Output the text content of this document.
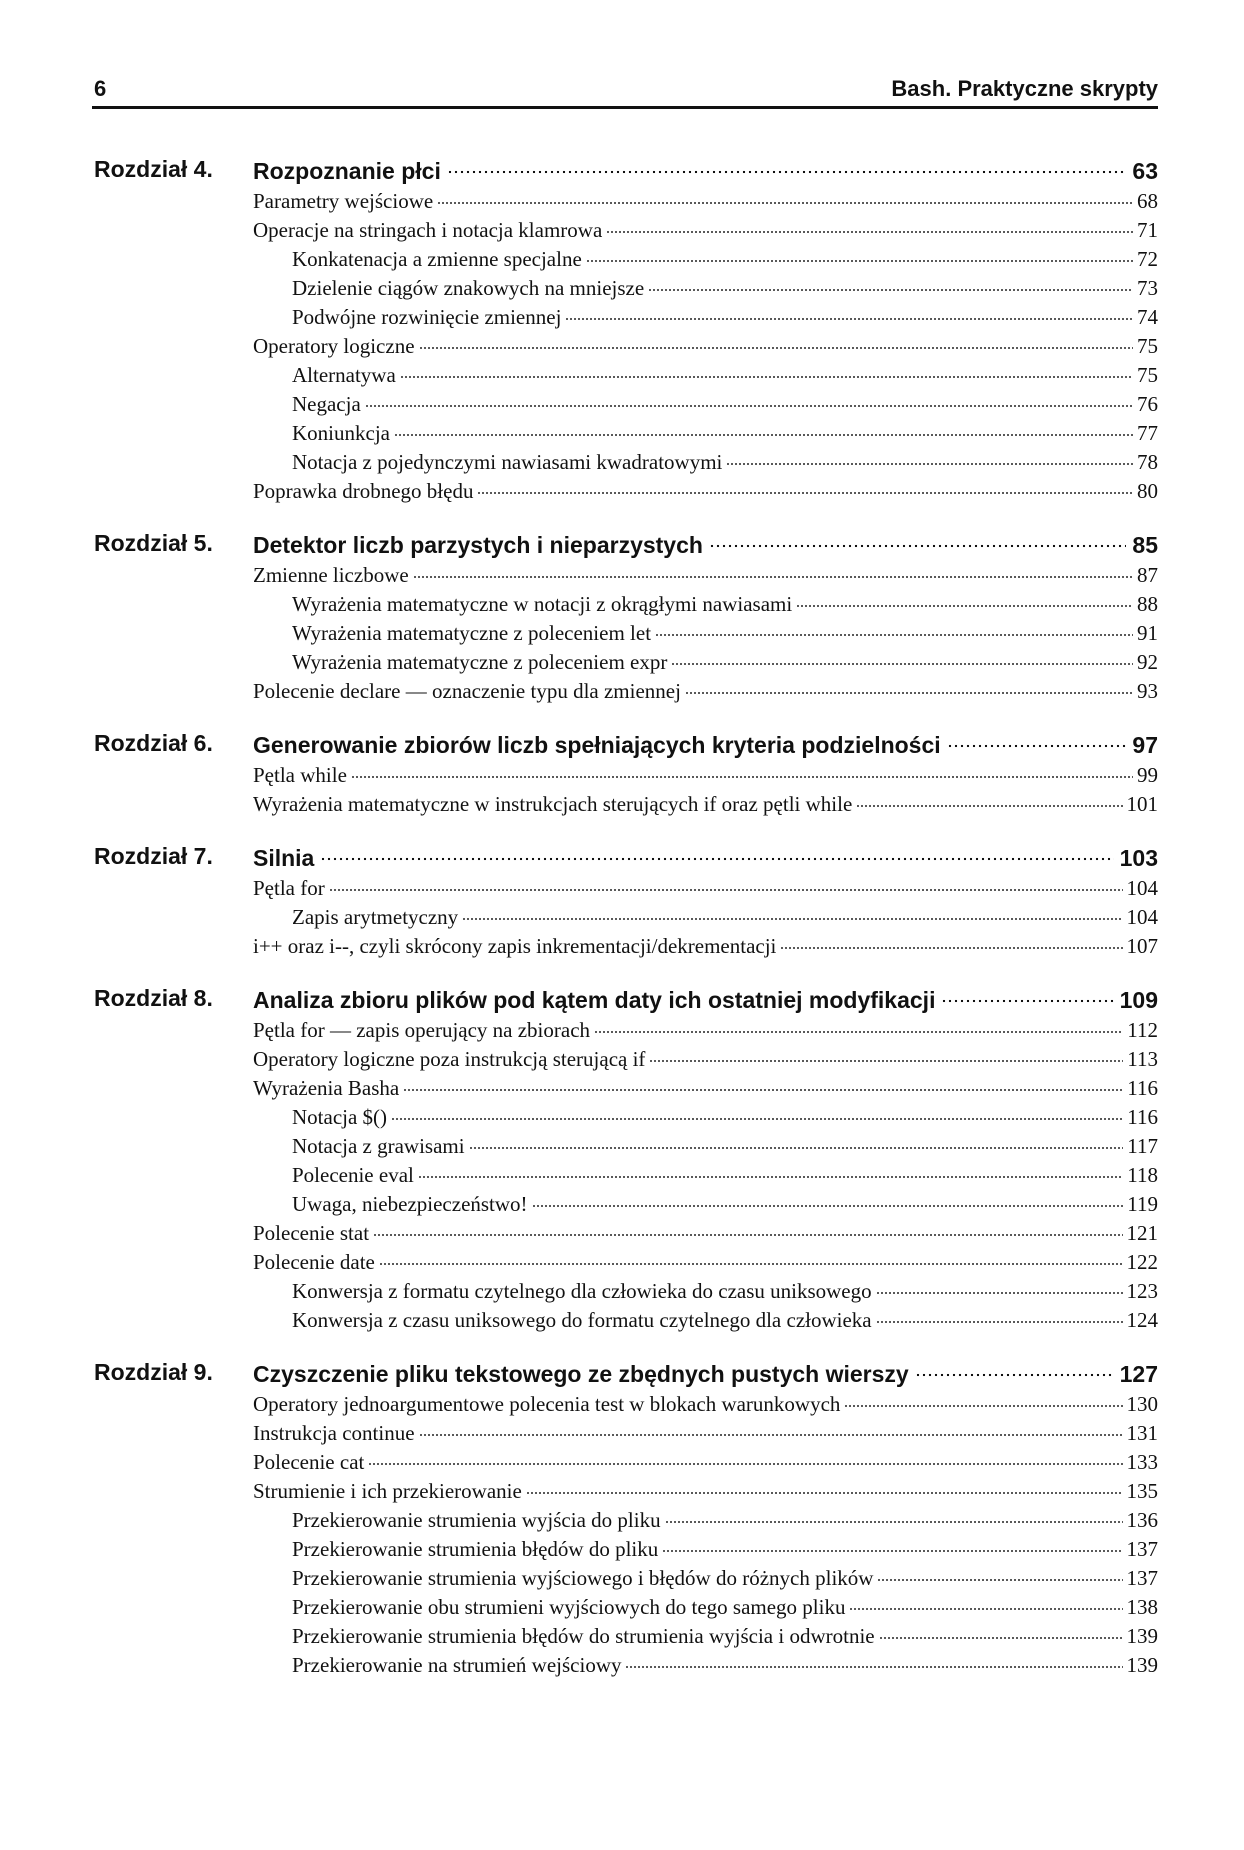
6	Bash. Praktyczne skrypty
Rozdział 4. Rozpoznanie płci	63
Parametry wejściowe	68
Operacje na stringach i notacja klamrowa	71
Konkatenacja a zmienne specjalne	72
Dzielenie ciągów znakowych na mniejsze	73
Podwójne rozwinięcie zmiennej	74
Operatory logiczne	75
Alternatywa	75
Negacja	76
Koniunkcja	77
Notacja z pojedynczymi nawiasami kwadratowymi	78
Poprawka drobnego błędu	80
Rozdział 5. Detektor liczb parzystych i nieparzystych	85
Zmienne liczbowe	87
Wyrażenia matematyczne w notacji z okrągłymi nawiasami	88
Wyrażenia matematyczne z poleceniem let	91
Wyrażenia matematyczne z poleceniem expr	92
Polecenie declare — oznaczenie typu dla zmiennej	93
Rozdział 6. Generowanie zbiorów liczb spełniających kryteria podzielności	97
Pętla while	99
Wyrażenia matematyczne w instrukcjach sterujących if oraz pętli while	101
Rozdział 7. Silnia	103
Pętla for	104
Zapis arytmetyczny	104
i++ oraz i--, czyli skrócony zapis inkrementacji/dekrementacji	107
Rozdział 8. Analiza zbioru plików pod kątem daty ich ostatniej modyfikacji	109
Pętla for — zapis operujący na zbiorach	112
Operatory logiczne poza instrukcją sterującą if	113
Wyrażenia Basha	116
Notacja $()	116
Notacja z grawisami	117
Polecenie eval	118
Uwaga, niebezpieczeństwo!	119
Polecenie stat	121
Polecenie date	122
Konwersja z formatu czytelnego dla człowieka do czasu uniksowego	123
Konwersja z czasu uniksowego do formatu czytelnego dla człowieka	124
Rozdział 9. Czyszczenie pliku tekstowego ze zbędnych pustych wierszy	127
Operatory jednoargumentowe polecenia test w blokach warunkowych	130
Instrukcja continue	131
Polecenie cat	133
Strumienie i ich przekierowanie	135
Przekierowanie strumienia wyjścia do pliku	136
Przekierowanie strumienia błędów do pliku	137
Przekierowanie strumienia wyjściowego i błędów do różnych plików	137
Przekierowanie obu strumieni wyjściowych do tego samego pliku	138
Przekierowanie strumienia błędów do strumienia wyjścia i odwrotnie	139
Przekierowanie na strumień wejściowy	139
